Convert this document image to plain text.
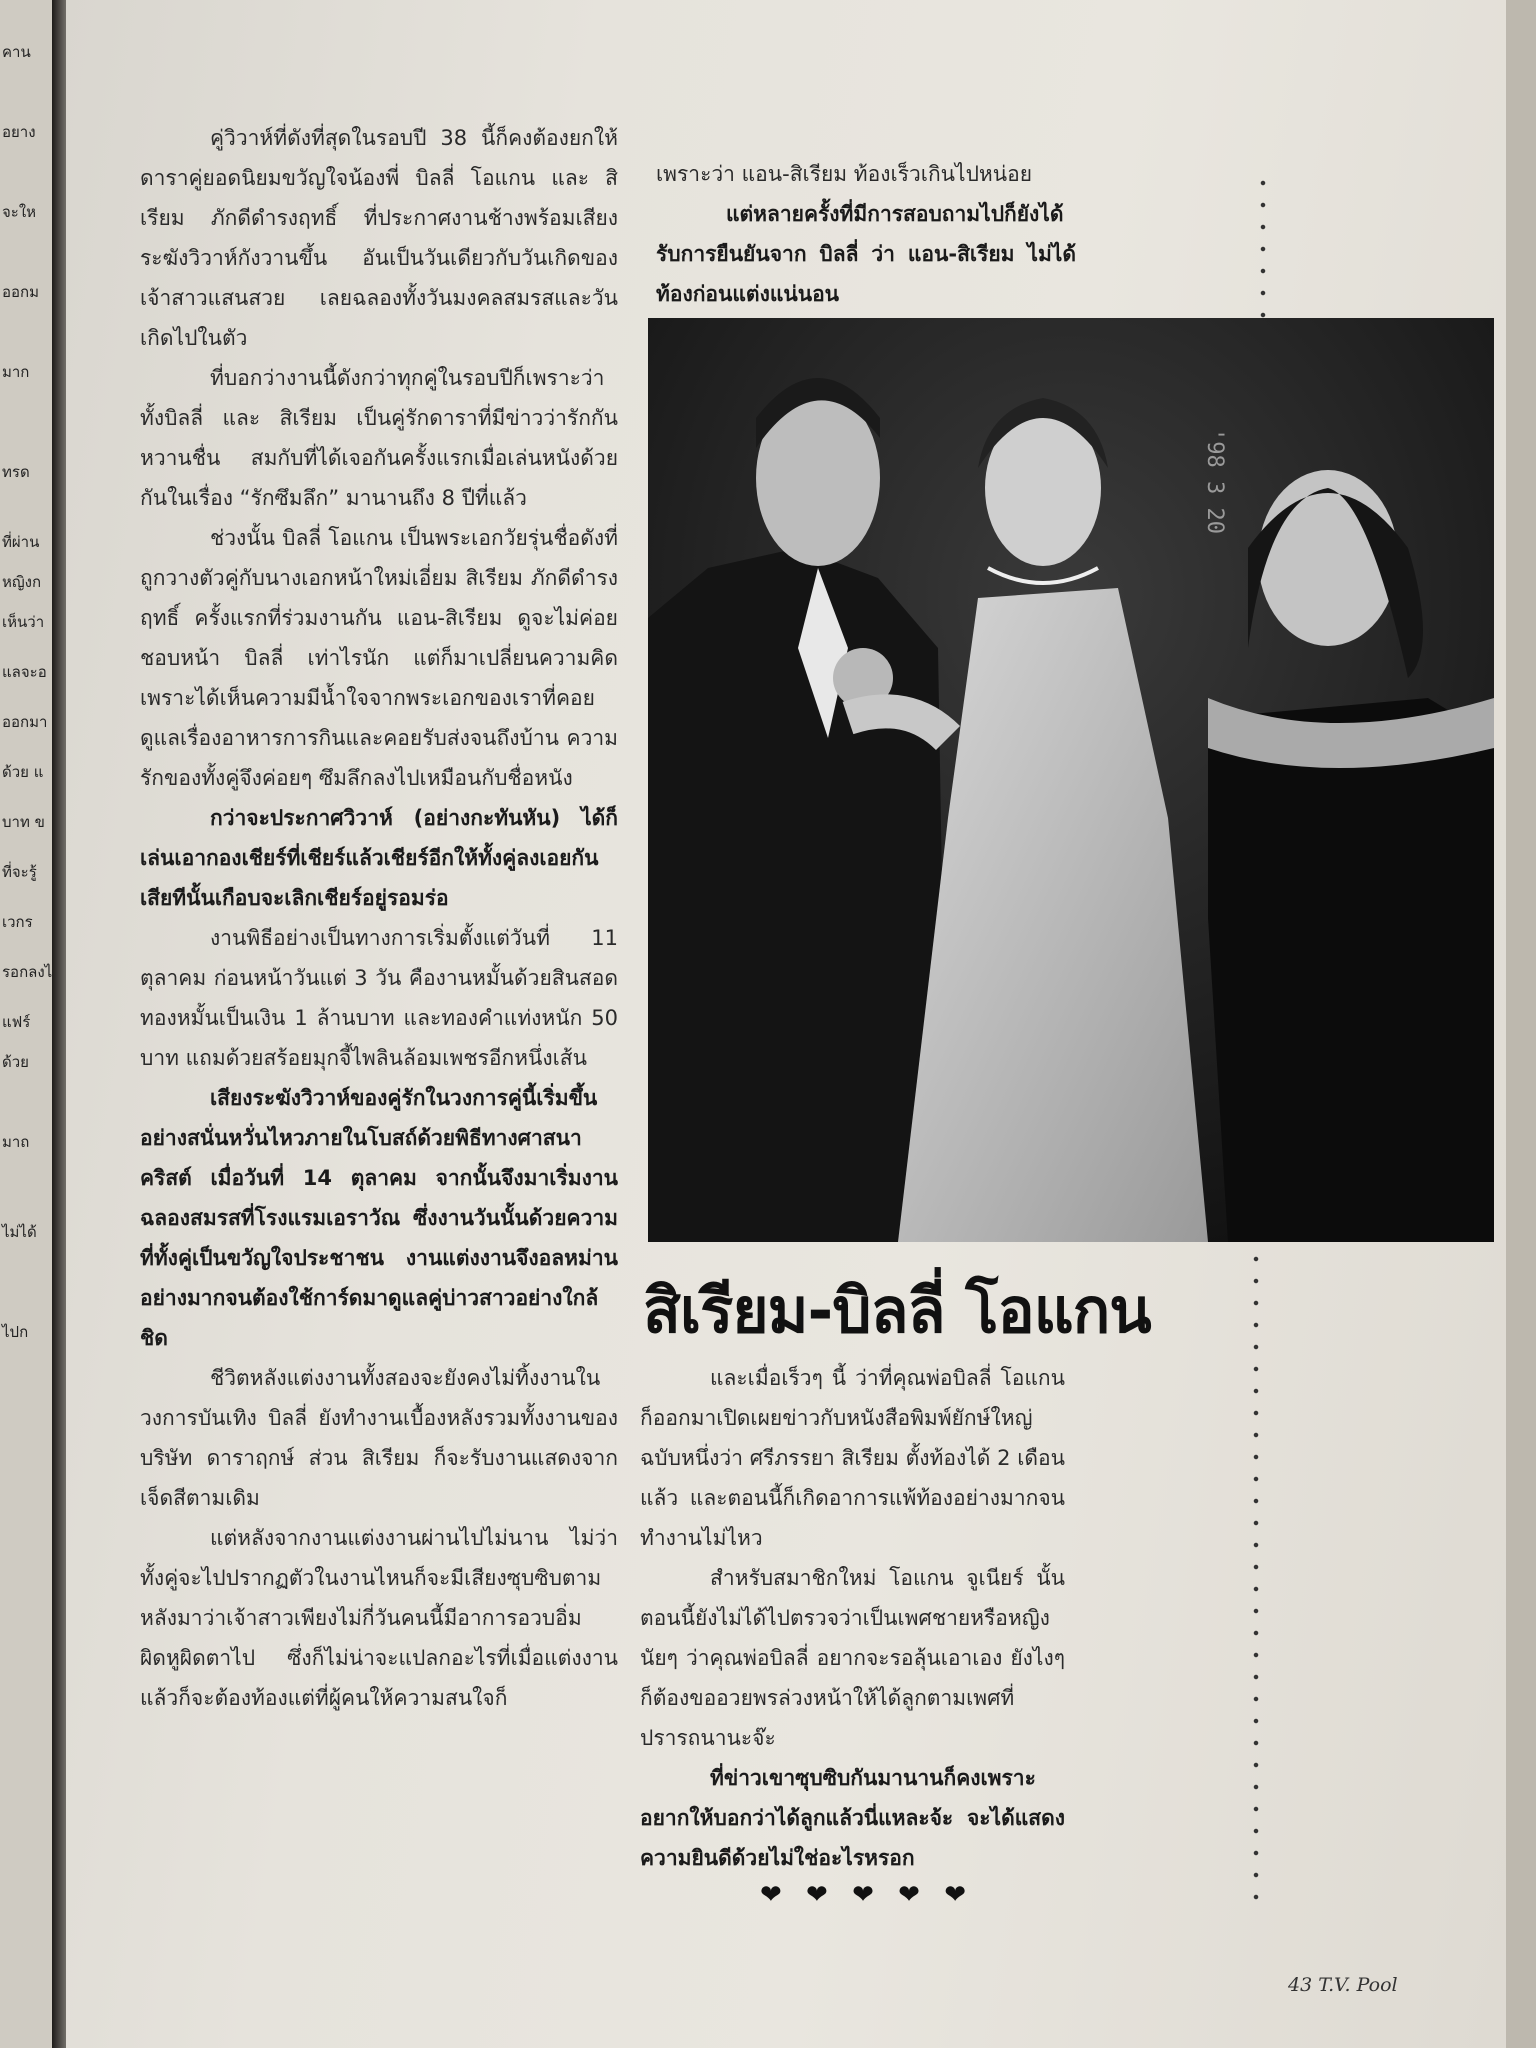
คาน
อยาง
จะให
ออกม
มาก
ทรด
ที่ผ่าน
หญิงก
เห็นว่า
แลจะอ
ออกมา
ด้วย แ
บาท ข
ที่จะรู้
เวกร
รอกลงไ
แฟร์
ด้วย
มาถ
ไม่ได้
ไปก

คู่วิวาห์ที่ดังที่สุดในรอบปี 38 นี้ก็คงต้องยกให้ ดาราคู่ยอดนิยมขวัญใจน้องพี่ บิลลี่ โอแกน และ สิเรียม ภักดีดำรงฤทธิ์ ที่ประกาศงานช้างพร้อมเสียงระฆังวิวาห์กังวานขึ้น อันเป็นวันเดียวกับวันเกิดของเจ้าสาวแสนสวย เลยฉลองทั้งวันมงคลสมรสและวันเกิดไปในตัว

ที่บอกว่างานนี้ดังกว่าทุกคู่ในรอบปีก็เพราะว่า ทั้งบิลลี่ และ สิเรียม เป็นคู่รักดาราที่มีข่าวว่ารักกันหวานชื่น สมกับที่ได้เจอกันครั้งแรกเมื่อเล่นหนังด้วยกันในเรื่อง “รักซึมลึก” มานานถึง 8 ปีที่แล้ว

ช่วงนั้น บิลลี่ โอแกน เป็นพระเอกวัยรุ่นชื่อดังที่ถูกวางตัวคู่กับนางเอกหน้าใหม่เอี่ยม สิเรียม ภักดีดำรงฤทธิ์ ครั้งแรกที่ร่วมงานกัน แอน-สิเรียม ดูจะไม่ค่อยชอบหน้า บิลลี่ เท่าไรนัก แต่ก็มาเปลี่ยนความคิดเพราะได้เห็นความมีน้ำใจจากพระเอกของเราที่คอยดูแลเรื่องอาหารการกินและคอยรับส่งจนถึงบ้าน ความรักของทั้งคู่จึงค่อยๆ ซึมลึกลงไปเหมือนกับชื่อหนัง

กว่าจะประกาศวิวาห์ (อย่างกะทันหัน) ได้ก็เล่นเอากองเชียร์ที่เชียร์แล้วเชียร์อีกให้ทั้งคู่ลงเอยกันเสียทีนั้นเกือบจะเลิกเชียร์อยู่รอมร่อ

งานพิธีอย่างเป็นทางการเริ่มตั้งแต่วันที่ 11 ตุลาคม ก่อนหน้าวันแต่ 3 วัน คืองานหมั้นด้วยสินสอดทองหมั้นเป็นเงิน 1 ล้านบาท และทองคำแท่งหนัก 50 บาท แถมด้วยสร้อยมุกจี้ไพลินล้อมเพชรอีกหนึ่งเส้น

เสียงระฆังวิวาห์ของคู่รักในวงการคู่นี้เริ่มขึ้นอย่างสนั่นหวั่นไหวภายในโบสถ์ด้วยพิธีทางศาสนาคริสต์ เมื่อวันที่ 14 ตุลาคม จากนั้นจึงมาเริ่มงานฉลองสมรสที่โรงแรมเอราวัณ ซึ่งงานวันนั้นด้วยความที่ทั้งคู่เป็นขวัญใจประชาชน งานแต่งงานจึงอลหม่านอย่างมากจนต้องใช้การ์ดมาดูแลคู่บ่าวสาวอย่างใกล้ชิด

ชีวิตหลังแต่งงานทั้งสองจะยังคงไม่ทิ้งงานในวงการบันเทิง บิลลี่ ยังทำงานเบื้องหลังรวมทั้งงานของ บริษัท ดาราฤกษ์ ส่วน สิเรียม ก็จะรับงานแสดงจากเจ็ดสีตามเดิม

แต่หลังจากงานแต่งงานผ่านไปไม่นาน ไม่ว่าทั้งคู่จะไปปรากฏตัวในงานไหนก็จะมีเสียงซุบซิบตามหลังมาว่าเจ้าสาวเพียงไม่กี่วันคนนี้มีอาการอวบอิ่มผิดหูผิดตาไป ซึ่งก็ไม่น่าจะแปลกอะไรที่เมื่อแต่งงานแล้วก็จะต้องท้องแต่ที่ผู้คนให้ความสนใจก็

เพราะว่า แอน-สิเรียม ท้องเร็วเกินไปหน่อย

แต่หลายครั้งที่มีการสอบถามไปก็ยังได้รับการยืนยันจาก บิลลี่ ว่า แอน-สิเรียม ไม่ได้ท้องก่อนแต่งแน่นอน

'98 3 20
สิเรียม-บิลลี่ โอแกน

และเมื่อเร็วๆ นี้ ว่าที่คุณพ่อบิลลี่ โอแกน ก็ออกมาเปิดเผยข่าวกับหนังสือพิมพ์ยักษ์ใหญ่ฉบับหนึ่งว่า ศรีภรรยา สิเรียม ตั้งท้องได้ 2 เดือนแล้ว และตอนนี้ก็เกิดอาการแพ้ท้องอย่างมากจนทำงานไม่ไหว

สำหรับสมาชิกใหม่ โอแกน จูเนียร์ นั้นตอนนี้ยังไม่ได้ไปตรวจว่าเป็นเพศชายหรือหญิง นัยๆ ว่าคุณพ่อบิลลี่ อยากจะรอลุ้นเอาเอง ยังไงๆ ก็ต้องขออวยพรล่วงหน้าให้ได้ลูกตามเพศที่ปรารถนานะจ๊ะ

ที่ข่าวเขาซุบซิบกันมานานก็คงเพราะอยากให้บอกว่าได้ลูกแล้วนี่แหละจ้ะ จะได้แสดงความยินดีด้วยไม่ใช่อะไรหรอก

❤ ❤ ❤ ❤ ❤
43 T.V. Pool
